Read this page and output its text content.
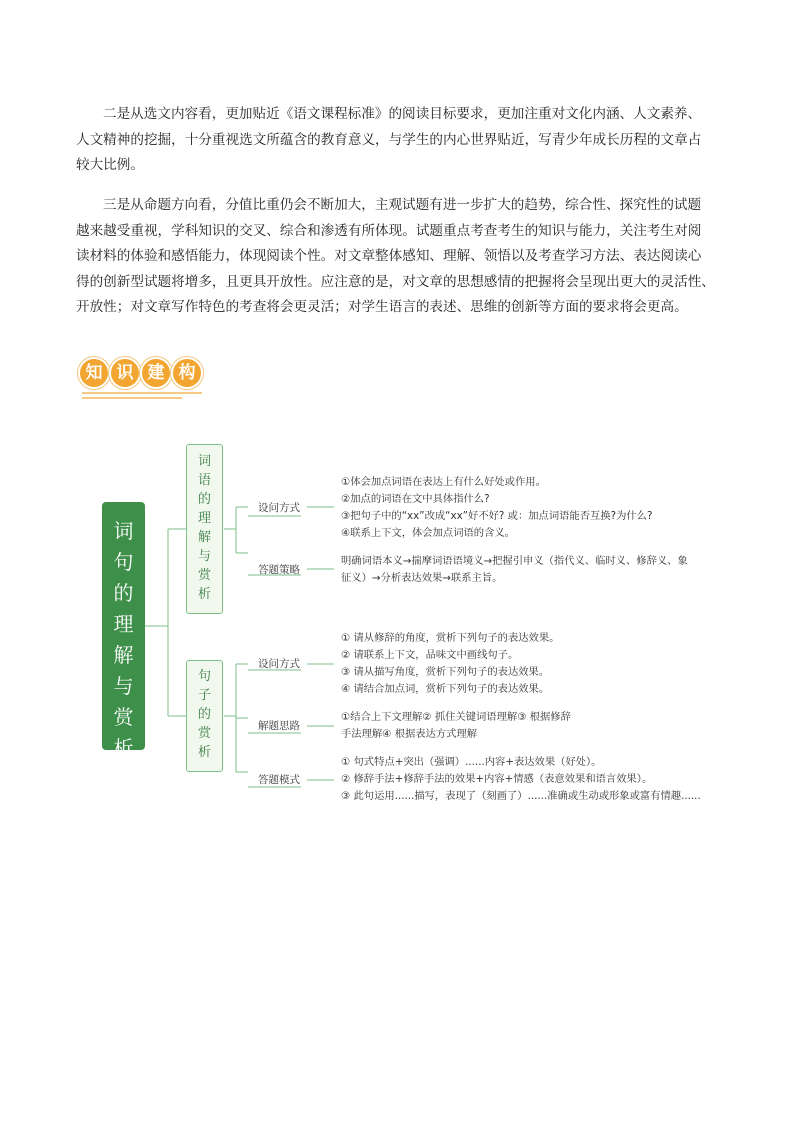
二是从选文内容看，更加贴近《语文课程标准》的阅读目标要求，更加注重对文化内涵、人文素养、
人文精神的挖掘，十分重视选文所蕴含的教育意义，与学生的内心世界贴近，写青少年成长历程的文章占
较大比例。
三是从命题方向看，分值比重仍会不断加大，主观试题有进一步扩大的趋势，综合性、探究性的试题
越来越受重视，学科知识的交叉、综合和渗透有所体现。试题重点考查考生的知识与能力，关注考生对阅
读材料的体验和感悟能力，体现阅读个性。对文章整体感知、理解、领悟以及考查学习方法、表达阅读心
得的创新型试题将增多，且更具开放性。应注意的是，对文章的思想感情的把握将会呈现出更大的灵活性、
开放性；对文章写作特色的考查将会更灵活；对学生语言的表述、思维的创新等方面的要求将会更高。
知 识 建 构
词
句
的
理
解
与
赏
析
词
语
的
理
解
与
赏
析
句
子
的
赏
析
设问方式
①体会加点词语在表达上有什么好处或作用。
②加点的词语在文中具体指什么?
③把句子中的“xx”改成“xx”好不好? 或：加点词语能否互换?为什么?
④联系上下文，体会加点词语的含义。
答题策略
明确词语本义→揣摩词语语境义→把握引申义（指代义、临时义、修辞义、象
征义）→分析表达效果→联系主旨。
设问方式
① 请从修辞的角度，赏析下列句子的表达效果。
② 请联系上下文，品味文中画线句子。
③ 请从描写角度，赏析下列句子的表达效果。
④ 请结合加点词，赏析下列句子的表达效果。
解题思路
①结合上下文理解② 抓住关键词语理解③ 根据修辞
手法理解④ 根据表达方式理解
答题模式
① 句式特点+突出（强调）......内容+表达效果（好处）。
② 修辞手法+修辞手法的效果+内容+情感（表意效果和语言效果）。
③ 此句运用......描写，表现了（刻画了）......准确或生动或形象或富有情趣......
